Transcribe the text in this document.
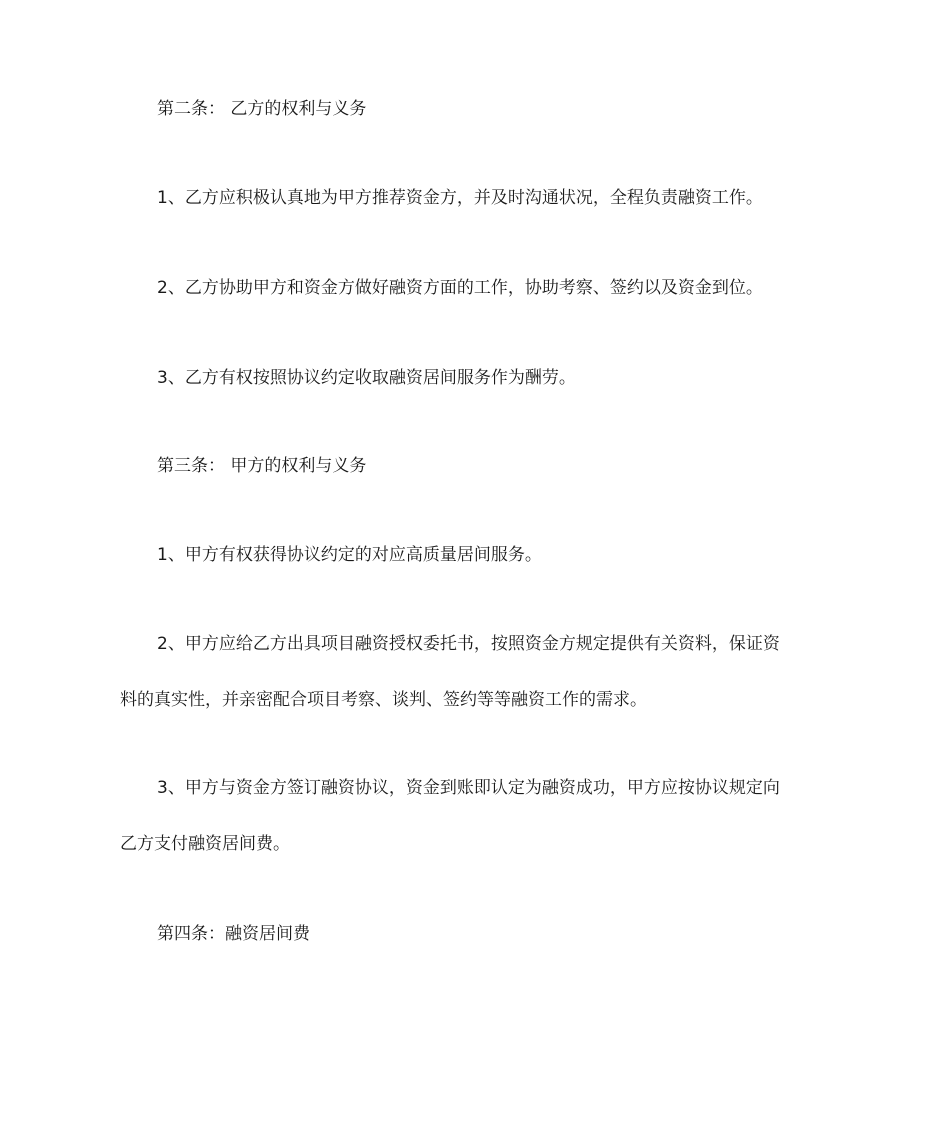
第二条： 乙方的权利与义务
1、乙方应积极认真地为甲方推荐资金方，并及时沟通状况，全程负责融资工作。
2、乙方协助甲方和资金方做好融资方面的工作，协助考察、签约以及资金到位。
3、乙方有权按照协议约定收取融资居间服务作为酬劳。
第三条： 甲方的权利与义务
1、甲方有权获得协议约定的对应高质量居间服务。
2、甲方应给乙方出具项目融资授权委托书，按照资金方规定提供有关资料，保证资
料的真实性，并亲密配合项目考察、谈判、签约等等融资工作的需求。
3、甲方与资金方签订融资协议，资金到账即认定为融资成功，甲方应按协议规定向
乙方支付融资居间费。
第四条：融资居间费
